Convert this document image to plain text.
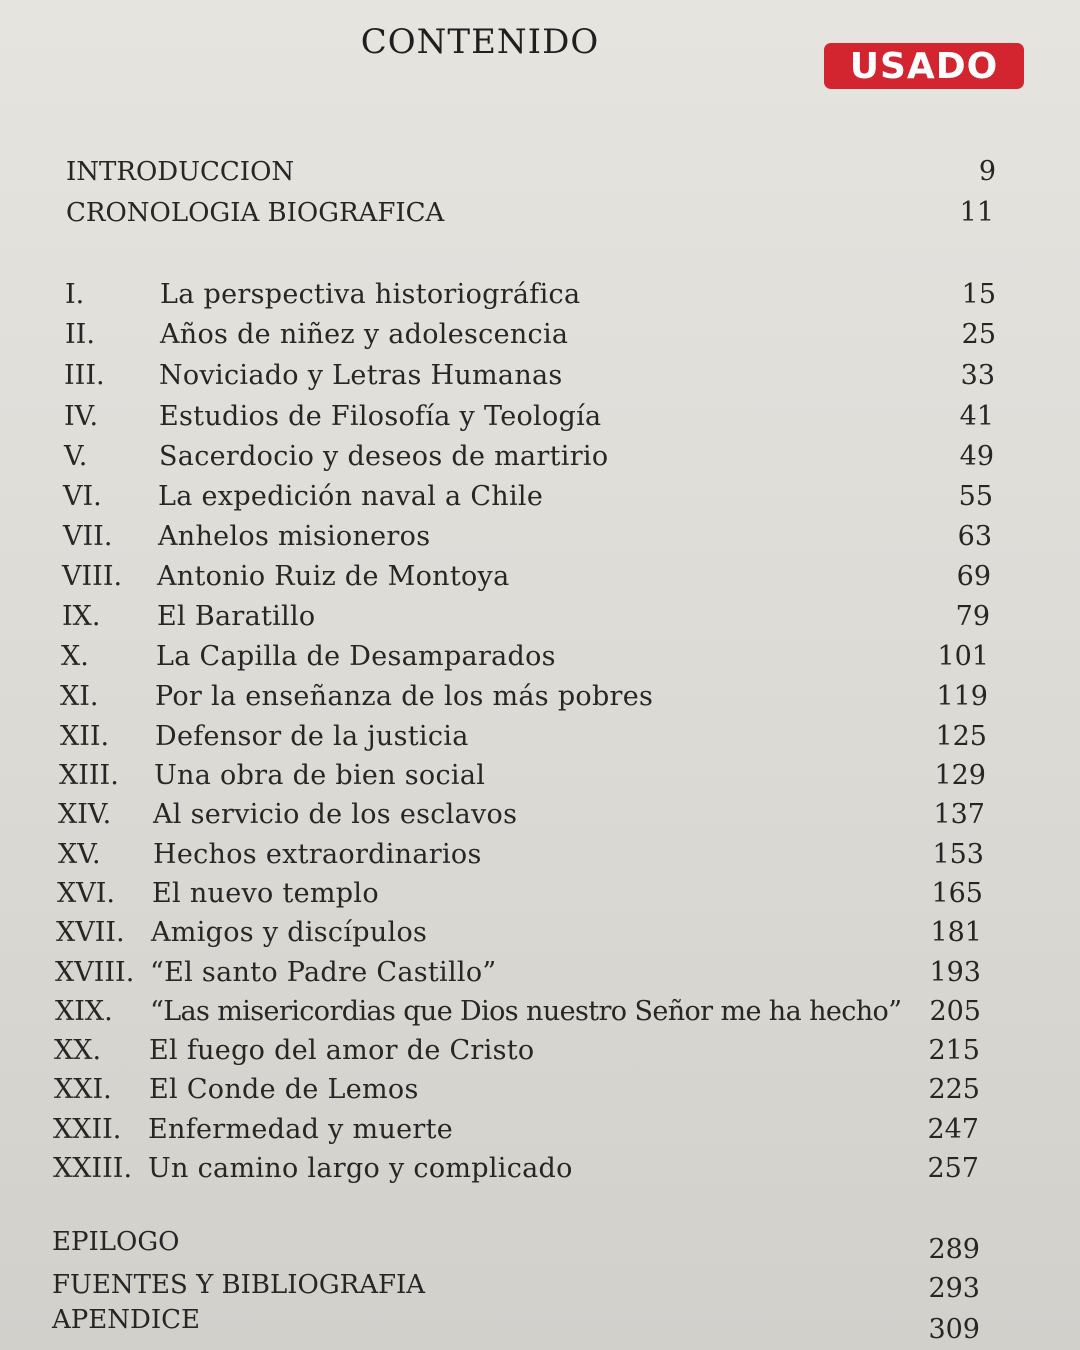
CONTENIDO
USADO
INTRODUCCION	9
CRONOLOGIA BIOGRAFICA	11
I.	La perspectiva historiográfica	15
II. Años de niñez y adolescencia	25
III. Noviciado y Letras Humanas	33
IV. Estudios de Filosofía y Teología	41
V.	Sacerdocio y deseos de martirio	49
VI. La expedición naval a Chile	55
VII. Anhelos misioneros	63
VIII. Antonio Ruiz de Montoya	69
IX. El Baratillo	79
X. La Capilla de Desamparados	101
XI. Por la enseñanza de los más pobres	119
XII. Defensor de la justicia	125
XIII. Una obra de bien social	129
XIV. Al servicio de los esclavos	137
XV. Hechos extraordinarios	153
XVI. El nuevo templo	165
XVII. Amigos y discípulos	181
XVIII. “El santo Padre Castillo”	193
XIX. “Las misericordias que Dios nuestro Señor me ha hecho”	205
XX. El fuego del amor de Cristo	215
XXI. El Conde de Lemos	225
XXII. Enfermedad y muerte	247
XXIII. Un camino largo y complicado	257
EPILOGO	289
FUENTES Y BIBLIOGRAFIA	293
APENDICE	309
